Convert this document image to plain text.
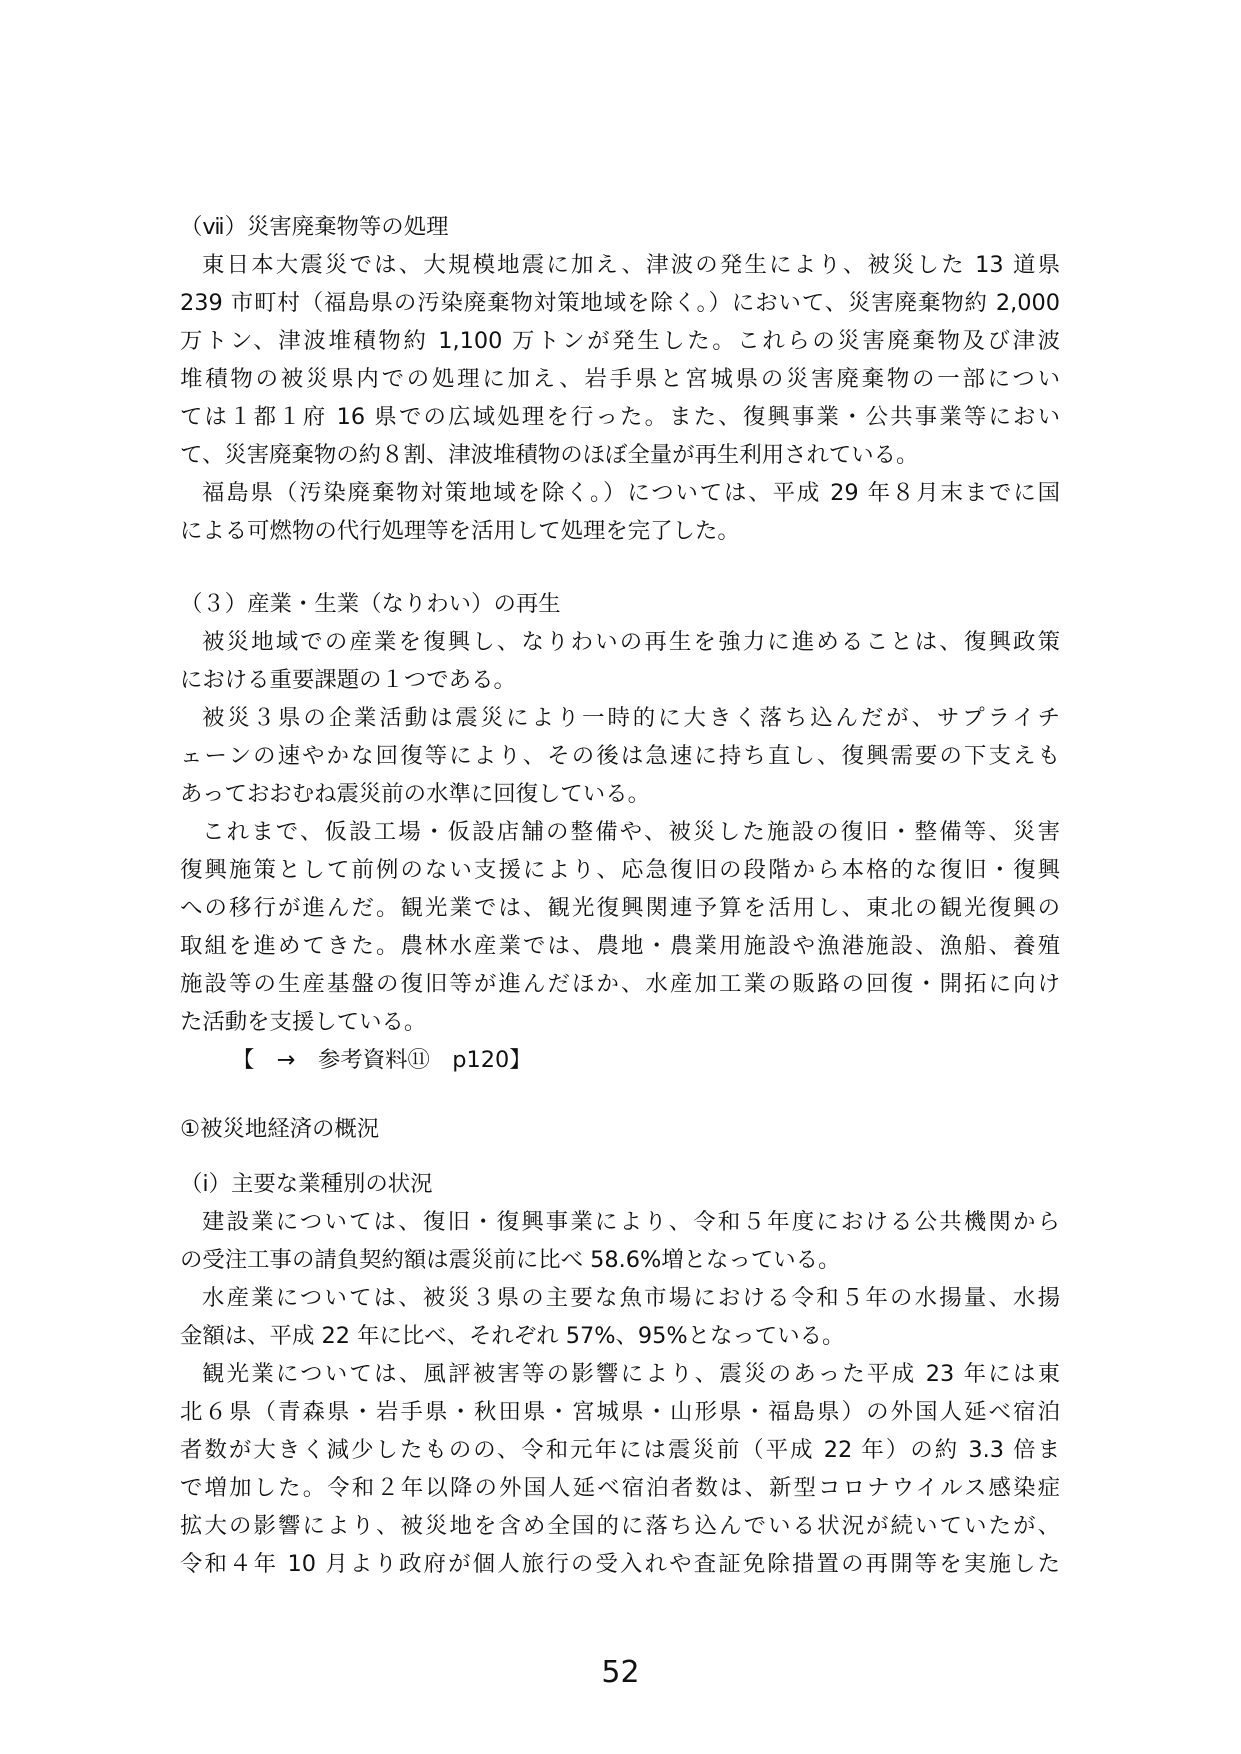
（ⅶ）災害廃棄物等の処理
東日本大震災では、大規模地震に加え、津波の発生により、被災した 13 道県
239 市町村（福島県の汚染廃棄物対策地域を除く。）において、災害廃棄物約 2,000
万トン、津波堆積物約 1,100 万トンが発生した。これらの災害廃棄物及び津波
堆積物の被災県内での処理に加え、岩手県と宮城県の災害廃棄物の一部につい
ては１都１府 16 県での広域処理を行った。また、復興事業・公共事業等におい
て、災害廃棄物の約８割、津波堆積物のほぼ全量が再生利用されている。
福島県（汚染廃棄物対策地域を除く。）については、平成 29 年８月末までに国
による可燃物の代行処理等を活用して処理を完了した。
（３）産業・生業（なりわい）の再生
被災地域での産業を復興し、なりわいの再生を強力に進めることは、復興政策
における重要課題の１つである。
被災３県の企業活動は震災により一時的に大きく落ち込んだが、サプライチ
ェーンの速やかな回復等により、その後は急速に持ち直し、復興需要の下支えも
あっておおむね震災前の水準に回復している。
これまで、仮設工場・仮設店舗の整備や、被災した施設の復旧・整備等、災害
復興施策として前例のない支援により、応急復旧の段階から本格的な復旧・復興
への移行が進んだ。観光業では、観光復興関連予算を活用し、東北の観光復興の
取組を進めてきた。農林水産業では、農地・農業用施設や漁港施設、漁船、養殖
施設等の生産基盤の復旧等が進んだほか、水産加工業の販路の回復・開拓に向け
た活動を支援している。
【　→　参考資料⑪　p120】
①被災地経済の概況
（ⅰ）主要な業種別の状況
建設業については、復旧・復興事業により、令和５年度における公共機関から
の受注工事の請負契約額は震災前に比べ 58.6%増となっている。
水産業については、被災３県の主要な魚市場における令和５年の水揚量、水揚
金額は、平成 22 年に比べ、それぞれ 57%、95%となっている。
観光業については、風評被害等の影響により、震災のあった平成 23 年には東
北６県（青森県・岩手県・秋田県・宮城県・山形県・福島県）の外国人延べ宿泊
者数が大きく減少したものの、令和元年には震災前（平成 22 年）の約 3.3 倍ま
で増加した。令和２年以降の外国人延べ宿泊者数は、新型コロナウイルス感染症
拡大の影響により、被災地を含め全国的に落ち込んでいる状況が続いていたが、
令和４年 10 月より政府が個人旅行の受入れや査証免除措置の再開等を実施した
52
